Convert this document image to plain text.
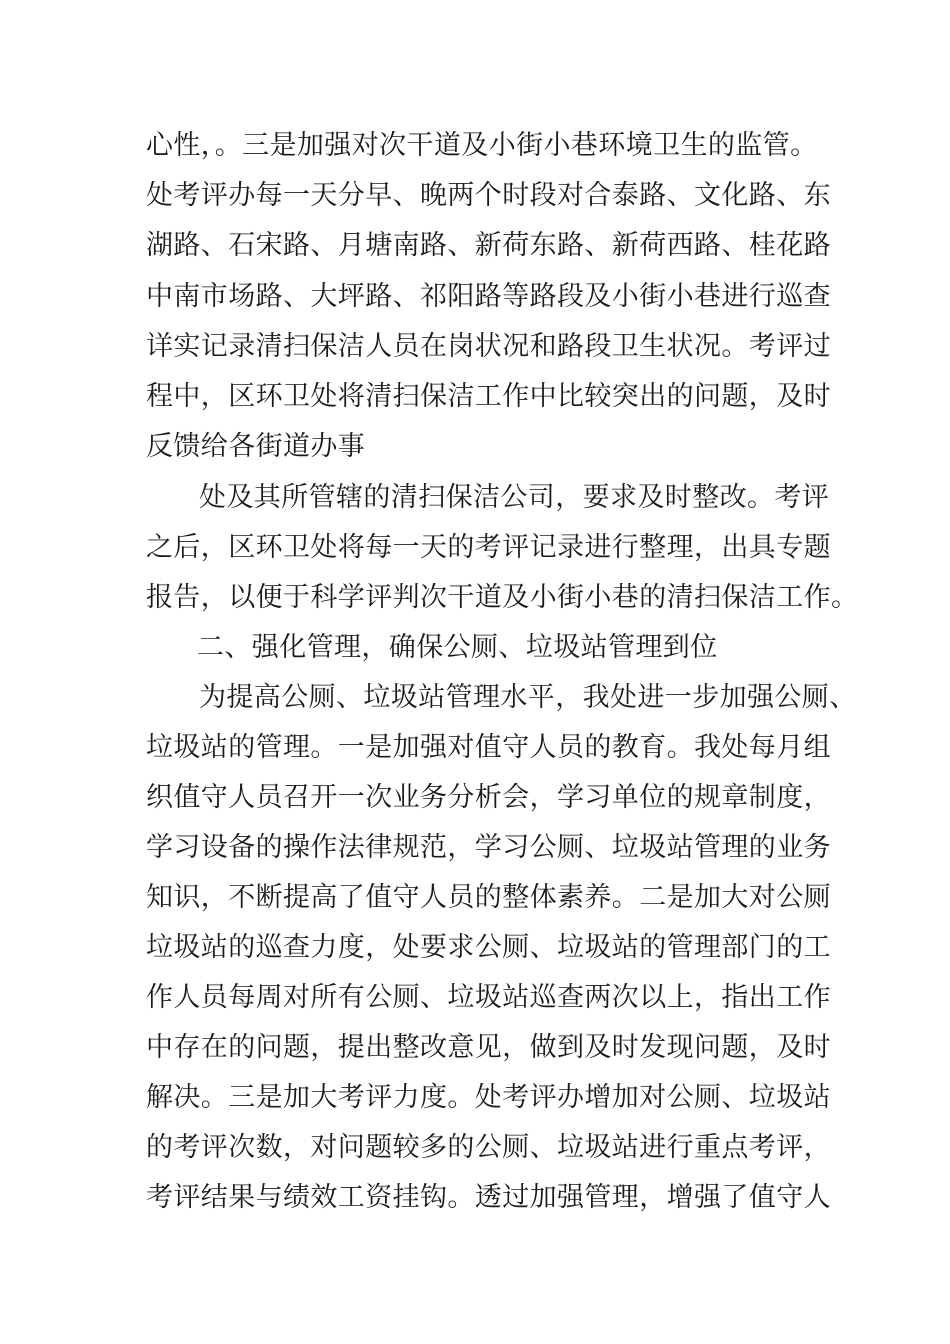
心性，。三是加强对次干道及小街小巷环境卫生的监管。
处考评办每一天分早、晚两个时段对合泰路、文化路、东
湖路、石宋路、月塘南路、新荷东路、新荷西路、桂花路
中南市场路、大坪路、祁阳路等路段及小街小巷进行巡查
详实记录清扫保洁人员在岗状况和路段卫生状况。考评过
程中，区环卫处将清扫保洁工作中比较突出的问题，及时
反馈给各街道办事
处及其所管辖的清扫保洁公司，要求及时整改。考评
之后，区环卫处将每一天的考评记录进行整理，出具专题
报告，以便于科学评判次干道及小街小巷的清扫保洁工作。
二、强化管理，确保公厕、垃圾站管理到位
为提高公厕、垃圾站管理水平，我处进一步加强公厕、
垃圾站的管理。一是加强对值守人员的教育。我处每月组
织值守人员召开一次业务分析会，学习单位的规章制度，
学习设备的操作法律规范，学习公厕、垃圾站管理的业务
知识，不断提高了值守人员的整体素养。二是加大对公厕
垃圾站的巡查力度，处要求公厕、垃圾站的管理部门的工
作人员每周对所有公厕、垃圾站巡查两次以上，指出工作
中存在的问题，提出整改意见，做到及时发现问题，及时
解决。三是加大考评力度。处考评办增加对公厕、垃圾站
的考评次数，对问题较多的公厕、垃圾站进行重点考评，
考评结果与绩效工资挂钩。透过加强管理，增强了值守人
